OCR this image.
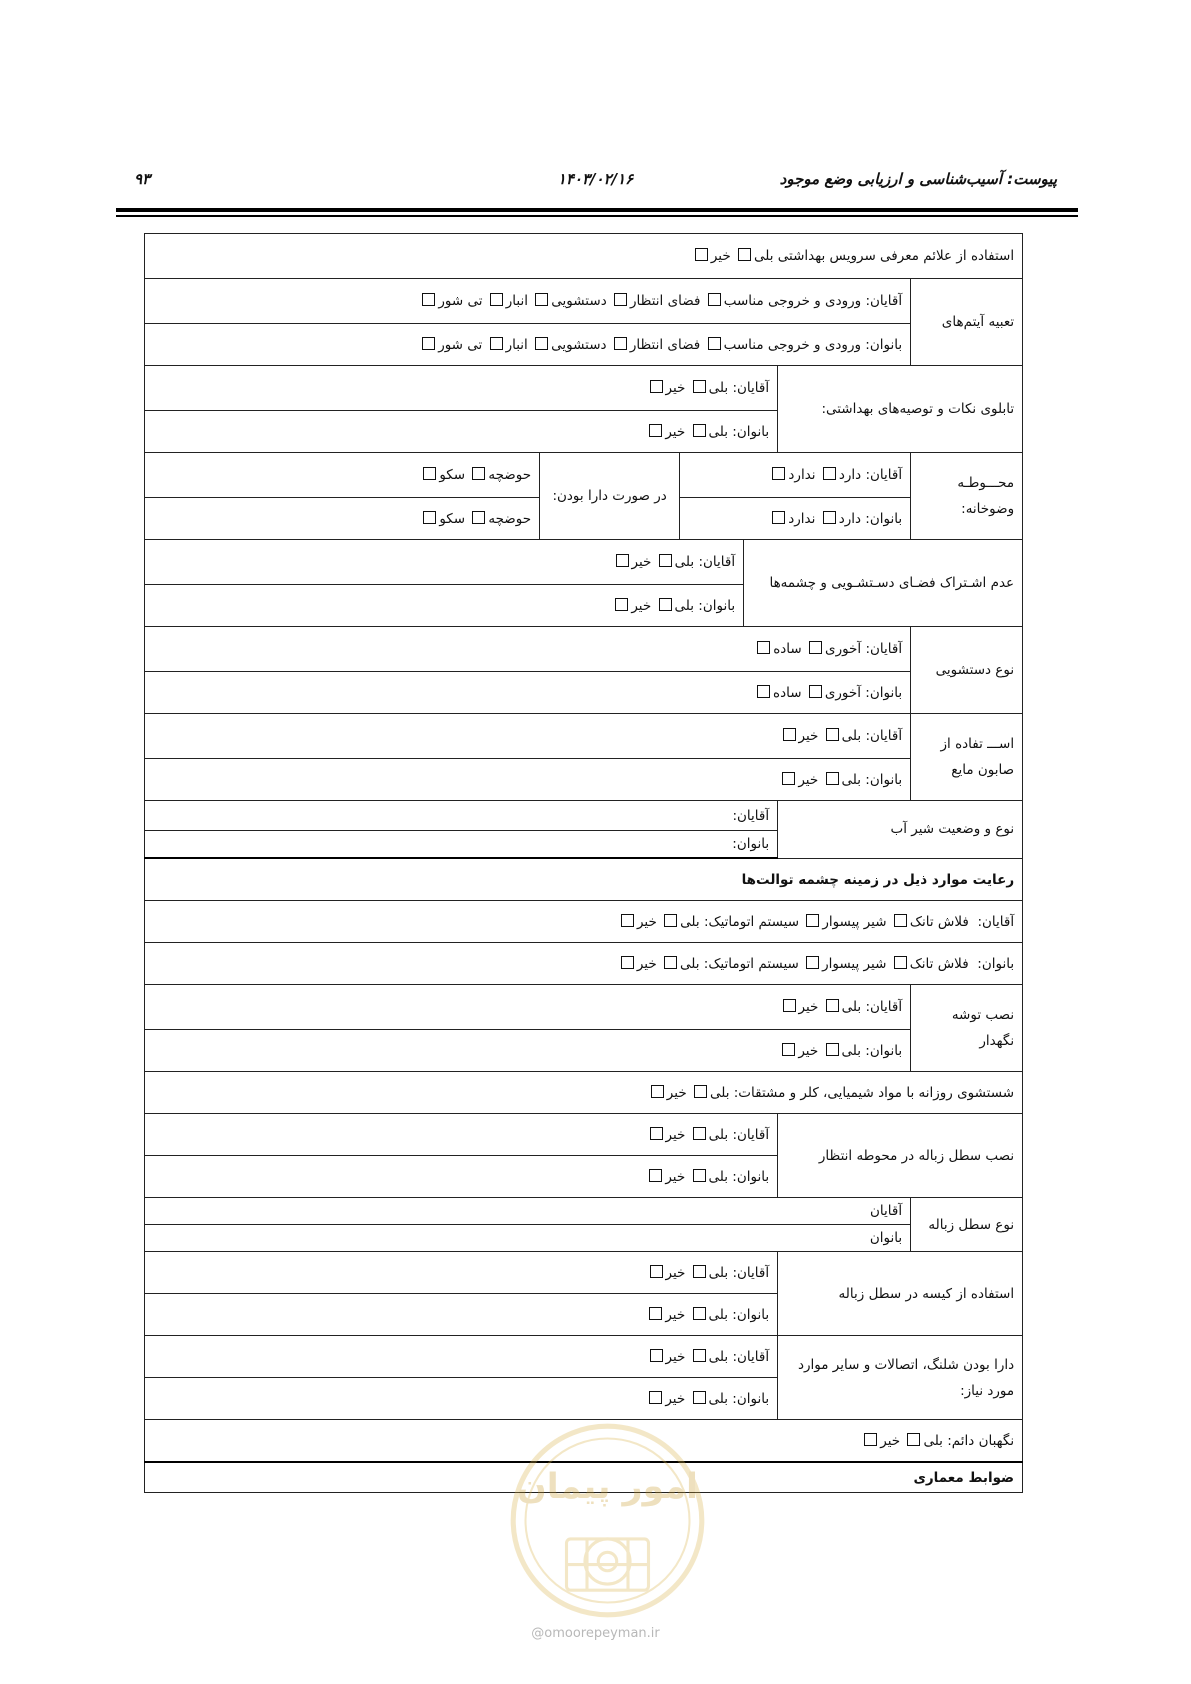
پیوست: آسیب‌شناسی و ارزیابی وضع موجود
۱۴۰۳/۰۲/۱۶
۹۳
استفاده از علائم معرفی سرویس بهداشتی بلی خیر					
تعبیه آیتم‌های	آقایان: ورودی و خروجی مناسب فضای انتظار دستشویی انبار تی شور				
	بانوان: ورودی و خروجی مناسب فضای انتظار دستشویی انبار تی شور				
تابلوی نکات و توصیه‌های بهداشتی:		آقایان: بلی خیر			
		بانوان: بلی خیر			
محـــوطـه وضوخانه:	آقایان: دارد ندارد			در صورت دارا بودن:	حوضچه سکو
	بانوان: دارد ندارد				حوضچه سکو
عدم اشـتراک فضـای دسـتشـویی و چشمه‌ها			آقایان: بلی خیر		
			بانوان: بلی خیر		
نوع دستشویی	آقایان: آخوری ساده				
	بانوان: آخوری ساده				
اســـ تفاده از صابون مایع	آقایان: بلی خیر				
	بانوان: بلی خیر				
نوع و وضعیت شیر آب		آقایان:			
		بانوان:			
رعایت موارد ذیل در زمینه چشمه توالت‌ها					
آقایان:  فلاش تانک شیر پیسوار سیستم اتوماتیک: بلی خیر					
بانوان:  فلاش تانک شیر پیسوار سیستم اتوماتیک: بلی خیر					
نصب توشه نگهدار	آقایان: بلی خیر				
	بانوان: بلی خیر				
شستشوی روزانه با مواد شیمیایی، کلر و مشتقات: بلی خیر					
نصب سطل زباله در محوطه انتظار		آقایان: بلی خیر			
		بانوان: بلی خیر			
نوع سطل زباله	آقایان				
	بانوان				
استفاده از کیسه در سطل زباله		آقایان: بلی خیر			
		بانوان: بلی خیر			
دارا بودن شلنگ، اتصالات و سایر موارد مورد نیاز:		آقایان: بلی خیر			
		بانوان: بلی خیر			
نگهبان دائم: بلی خیر					
ضوابط معماری					
امور پیمان
@omoorepeyman.ir
